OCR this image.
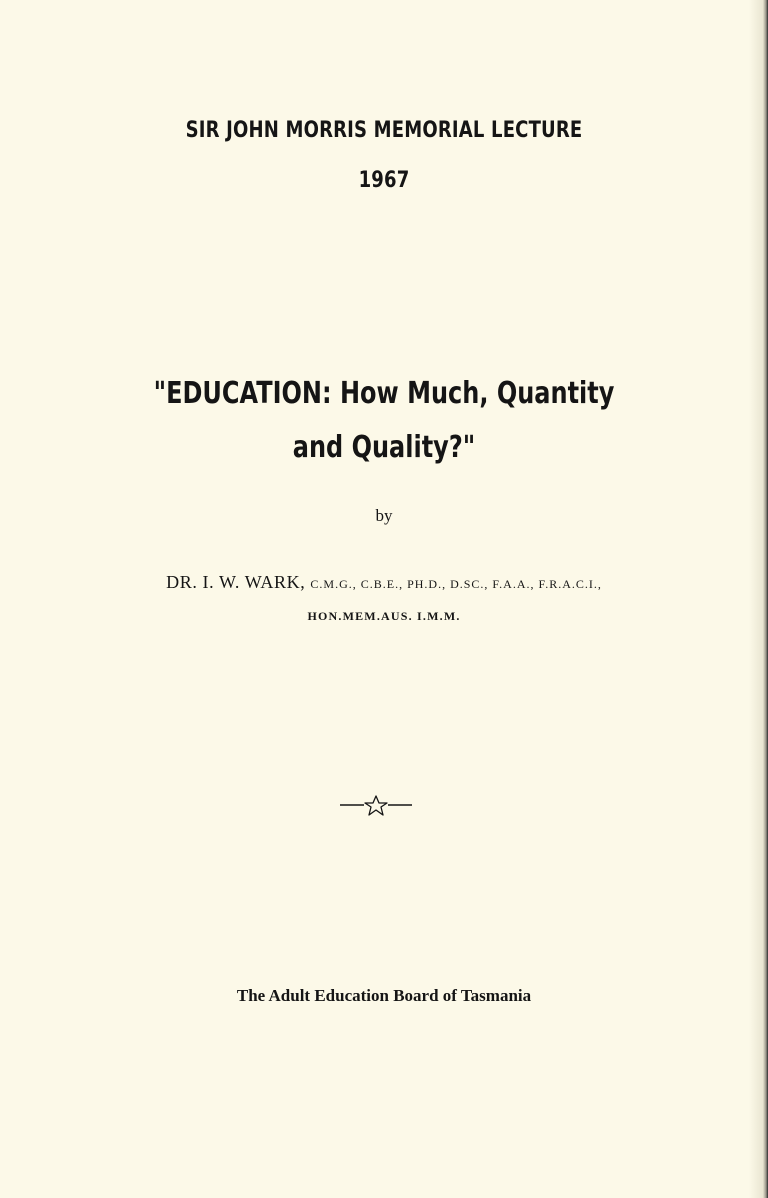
SIR JOHN MORRIS MEMORIAL LECTURE
1967
"EDUCATION: How Much, Quantity
and Quality?"
by
DR. I. W. WARK, C.M.G., C.B.E., PH.D., D.SC., F.A.A., F.R.A.C.I.,
HON.MEM.AUS. I.M.M.
The Adult Education Board of Tasmania
